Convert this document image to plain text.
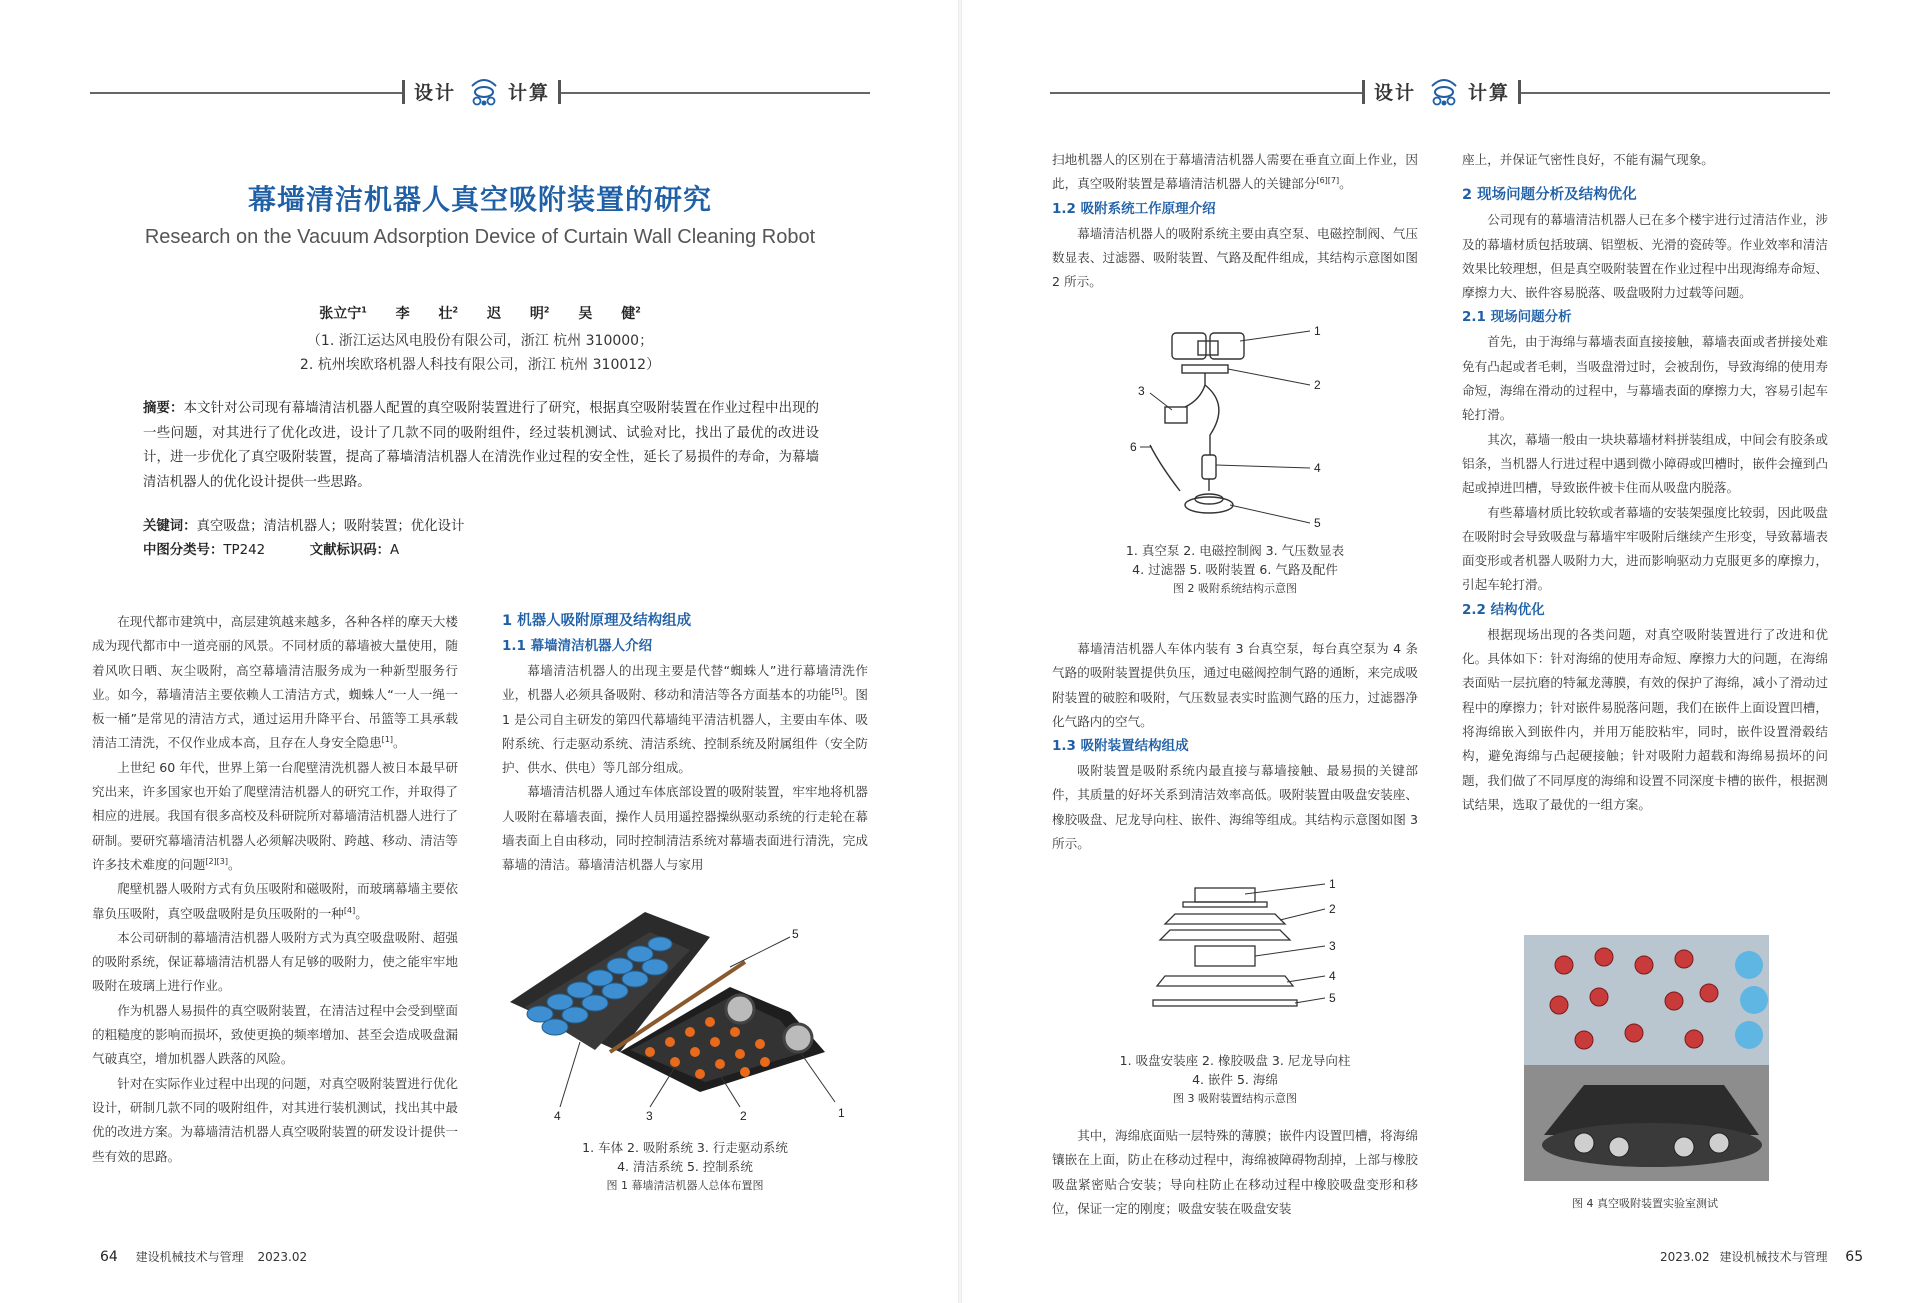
设计	计算
幕墙清洁机器人真空吸附装置的研究
Research on the Vacuum Adsorption Device of Curtain Wall Cleaning Robot
张立宁$^1$ 李 壮$^2$ 迟 明$^2$ 吴 健$^2$
（1. 浙江运达风电股份有限公司，浙江 杭州 310000；
2. 杭州埃欧珞机器人科技有限公司，浙江 杭州 310012）
摘要：本文针对公司现有幕墙清洁机器人配置的真空吸附装置进行了研究，根据真空吸附装置在作业过程中出现的一些问题，对其进行了优化改进，设计了几款不同的吸附组件，经过装机测试、试验对比，找出了最优的改进设计，进一步优化了真空吸附装置，提高了幕墙清洁机器人在清洗作业过程的安全性，延长了易损件的寿命，为幕墙清洁机器人的优化设计提供一些思路。
关键词：真空吸盘；清洁机器人；吸附装置；优化设计
中图分类号：TP242	文献标识码：A

在现代都市建筑中，高层建筑越来越多，各种各样的摩天大楼成为现代都市中一道亮丽的风景。不同材质的幕墙被大量使用，随着风吹日晒、灰尘吸附，高空幕墙清洁服务成为一种新型服务行业。如今，幕墙清洁主要依赖人工清洁方式，蜘蛛人“一人一绳一板一桶”是常见的清洁方式，通过运用升降平台、吊篮等工具承载清洁工清洗，不仅作业成本高，且存在人身安全隐患[1]。

上世纪 60 年代，世界上第一台爬壁清洗机器人被日本最早研究出来，许多国家也开始了爬壁清洁机器人的研究工作，并取得了相应的进展。我国有很多高校及科研院所对幕墙清洁机器人进行了研制。要研究幕墙清洁机器人必须解决吸附、跨越、移动、清洁等许多技术难度的问题[2][3]。

爬壁机器人吸附方式有负压吸附和磁吸附，而玻璃幕墙主要依靠负压吸附，真空吸盘吸附是负压吸附的一种[4]。

本公司研制的幕墙清洁机器人吸附方式为真空吸盘吸附、超强的吸附系统，保证幕墙清洁机器人有足够的吸附力，使之能牢牢地吸附在玻璃上进行作业。

作为机器人易损件的真空吸附装置，在清洁过程中会受到壁面的粗糙度的影响而损坏，致使更换的频率增加、甚至会造成吸盘漏气破真空，增加机器人跌落的风险。

针对在实际作业过程中出现的问题，对真空吸附装置进行优化设计，研制几款不同的吸附组件，对其进行装机测试，找出其中最优的改进方案。为幕墙清洁机器人真空吸附装置的研发设计提供一些有效的思路。

1 机器人吸附原理及结构组成

1.1 幕墙清洁机器人介绍

幕墙清洁机器人的出现主要是代替“蜘蛛人”进行幕墙清洗作业，机器人必须具备吸附、移动和清洁等各方面基本的功能[5]。图 1 是公司自主研发的第四代幕墙纯平清洁机器人，主要由车体、吸附系统、行走驱动系统、清洁系统、控制系统及附属组件（安全防护、供水、供电）等几部分组成。

幕墙清洁机器人通过车体底部设置的吸附装置，牢牢地将机器人吸附在幕墙表面，操作人员用遥控器操纵驱动系统的行走轮在幕墙表面上自由移动，同时控制清洁系统对幕墙表面进行清洗，完成幕墙的清洁。幕墙清洁机器人与家用

1
2
3
4
5
1. 车体 2. 吸附系统 3. 行走驱动系统
4. 清洁系统 5. 控制系统
图 1 幕墙清洁机器人总体布置图
64 建设机械技术与管理 2023.02
设计	计算

扫地机器人的区别在于幕墙清洁机器人需要在垂直立面上作业，因此，真空吸附装置是幕墙清洁机器人的关键部分[6][7]。

1.2 吸附系统工作原理介绍

幕墙清洁机器人的吸附系统主要由真空泵、电磁控制阀、气压数显表、过滤器、吸附装置、气路及配件组成，其结构示意图如图 2 所示。

1
2
3
4
5
6
1. 真空泵 2. 电磁控制阀 3. 气压数显表
4. 过滤器 5. 吸附装置 6. 气路及配件
图 2 吸附系统结构示意图

幕墙清洁机器人车体内装有 3 台真空泵，每台真空泵为 4 条气路的吸附装置提供负压，通过电磁阀控制气路的通断，来完成吸附装置的破腔和吸附，气压数显表实时监测气路的压力，过滤器净化气路内的空气。

1.3 吸附装置结构组成

吸附装置是吸附系统内最直接与幕墙接触、最易损的关键部件，其质量的好坏关系到清洁效率高低。吸附装置由吸盘安装座、橡胶吸盘、尼龙导向柱、嵌件、海绵等组成。其结构示意图如图 3 所示。

1
2
3
4
5
1. 吸盘安装座 2. 橡胶吸盘 3. 尼龙导向柱
4. 嵌件 5. 海绵
图 3 吸附装置结构示意图

其中，海绵底面贴一层特殊的薄膜；嵌件内设置凹槽，将海绵镶嵌在上面，防止在移动过程中，海绵被障碍物刮掉，上部与橡胶吸盘紧密贴合安装；导向柱防止在移动过程中橡胶吸盘变形和移位，保证一定的刚度；吸盘安装在吸盘安装

座上，并保证气密性良好，不能有漏气现象。

2 现场问题分析及结构优化

公司现有的幕墙清洁机器人已在多个楼宇进行过清洁作业，涉及的幕墙材质包括玻璃、铝塑板、光滑的瓷砖等。作业效率和清洁效果比较理想，但是真空吸附装置在作业过程中出现海绵寿命短、摩擦力大、嵌件容易脱落、吸盘吸附力过载等问题。

2.1 现场问题分析

首先，由于海绵与幕墙表面直接接触，幕墙表面或者拼接处难免有凸起或者毛刺，当吸盘滑过时，会被刮伤，导致海绵的使用寿命短，海绵在滑动的过程中，与幕墙表面的摩擦力大，容易引起车轮打滑。

其次，幕墙一般由一块块幕墙材料拼装组成，中间会有胶条或铝条，当机器人行进过程中遇到微小障碍或凹槽时，嵌件会撞到凸起或掉进凹槽，导致嵌件被卡住而从吸盘内脱落。

有些幕墙材质比较软或者幕墙的安装架强度比较弱，因此吸盘在吸附时会导致吸盘与幕墙牢牢吸附后继续产生形变，导致幕墙表面变形或者机器人吸附力大，进而影响驱动力克服更多的摩擦力，引起车轮打滑。

2.2 结构优化

根据现场出现的各类问题，对真空吸附装置进行了改进和优化。具体如下：针对海绵的使用寿命短、摩擦力大的问题，在海绵表面贴一层抗磨的特氟龙薄膜，有效的保护了海绵，减小了滑动过程中的摩擦力；针对嵌件易脱落问题，我们在嵌件上面设置凹槽，将海绵嵌入到嵌件内，并用万能胶粘牢，同时，嵌件设置滑毂结构，避免海绵与凸起硬接触；针对吸附力超载和海绵易损坏的问题，我们做了不同厚度的海绵和设置不同深度卡槽的嵌件，根据测试结果，选取了最优的一组方案。

图 4 真空吸附装置实验室测试
2023.02 建设机械技术与管理 65
